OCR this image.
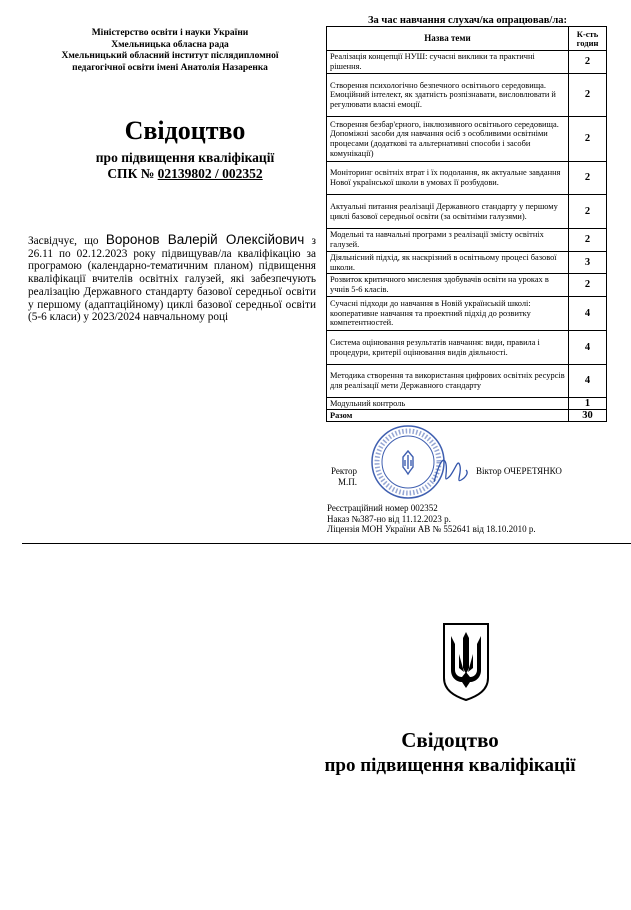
Міністерство освіти і науки України
Хмельницька обласна рада
Хмельницький обласний інститут післядипломної
педагогічної освіти імені Анатолія Назаренка
Свідоцтво
про підвищення кваліфікації
СПК № 02139802 / 002352
Засвідчує, що Воронов Валерій Олексійович з 26.11 по 02.12.2023 року підвищував/ла кваліфікацію за програмою (календарно-тематичним планом) підвищення кваліфікації вчителів освітніх галузей, які забезпечують реалізацію Державного стандарту базової середньої освіти у першому (адаптаційному) циклі базової середньої освіти (5-6 класи) у 2023/2024 навчальному році
За час навчання слухач/ка опрацював/ла:
Назва теми	К-сть годин
Реалізація концепції НУШ: сучасні виклики та практичні рішення.	2
Створення психологічно безпечного освітнього середовища. Емоційний інтелект, як здатність розпізнавати, висловлювати й регулювати власні емоції.	2
Створення безбар'єрного, інклюзивного освітнього середовища. Допоміжні засоби для навчання осіб з особливими освітніми процесами (додаткові та альтернативні способи і засоби комунікації)	2
Моніторинг освітніх втрат і їх подолання, як актуальне завдання Нової української школи в умовах її розбудови.	2
Актуальні питання реалізації Державного стандарту у першому циклі базової середньої освіти (за освітніми галузями).	2
Модельні та навчальні програми з реалізації змісту освітніх галузей.	2
Діяльнісний підхід, як наскрізний в освітньому процесі базової школи.	3
Розвиток критичного мислення здобувачів освіти на уроках в учнів 5-6 класів.	2
Сучасні підходи до навчання в Новій українській школі: кооперативне навчання та проектний підхід до розвитку компетентностей.	4
Система оцінювання результатів навчання: види, правила і процедури, критерії оцінювання видів діяльності.	4
Методика створення та використання цифрових освітніх ресурсів для реалізації мети Державного стандарту	4
Модульний контроль	1
Разом	30
Ректор
М.П.
Віктор ОЧЕРЕТЯНКО
Реєстраційний номер 002352
Наказ №387-но від 11.12.2023 р.
Ліцензія МОН України АВ № 552641 від 18.10.2010 р.
Свідоцтво
про підвищення кваліфікації
